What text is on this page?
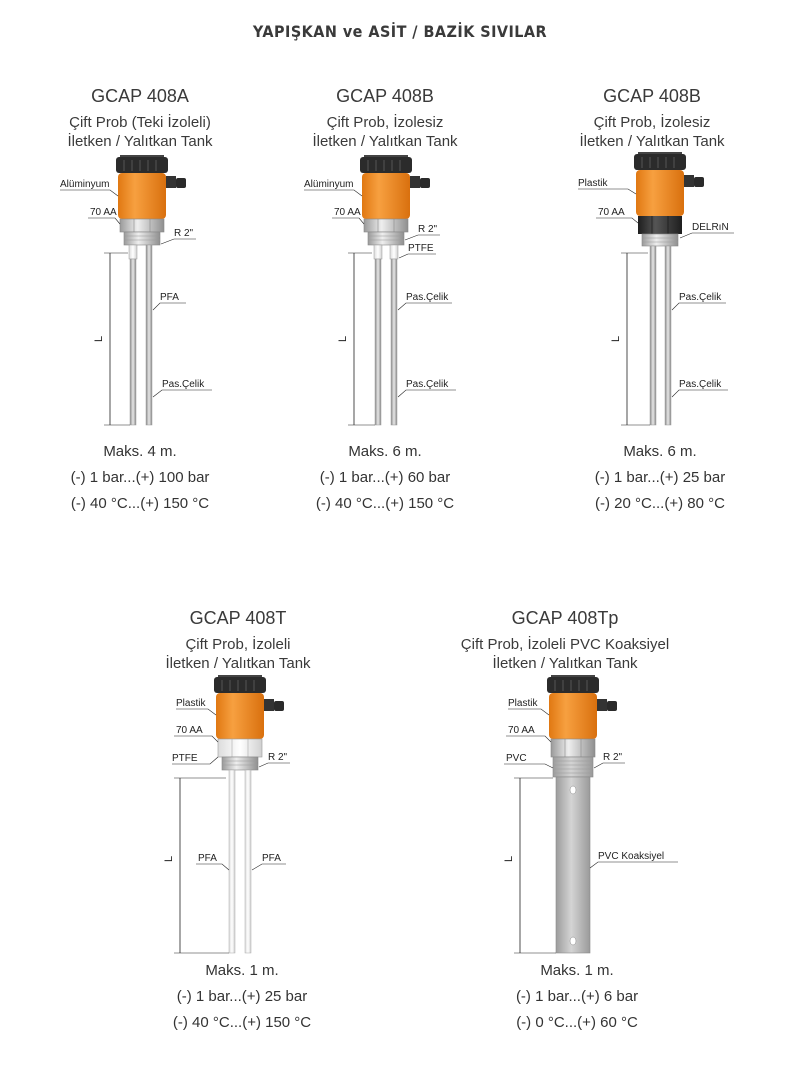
YAPIŞKAN ve ASİT / BAZİK SIVILAR
GCAP 408A
Çift Prob (Teki İzoleli)
İletken / Yalıtkan Tank
GCAP 408B
Çift Prob, İzolesiz
İletken / Yalıtkan Tank
GCAP 408B
Çift Prob, İzolesiz
İletken / Yalıtkan Tank
GCAP 408T
Çift Prob, İzoleli
İletken / Yalıtkan Tank
GCAP 408Tp
Çift Prob, İzoleli PVC Koaksiyel
İletken / Yalıtkan Tank
L
Alüminyum
70 AA
R 2"
PFA
Pas.Çelik
L
Alüminyum
70 AA
R 2"
PTFE
Pas.Çelik
Pas.Çelik
L
Plastik
70 AA
DELRıN
Pas.Çelik
Pas.Çelik
L
Plastik
70 AA
PTFE	R 2"
PFA	PFA	L
Plastik
70 AA
PVC	R 2"
PVC Koaksiyel
Maks. 4 m.
(-) 1 bar...(+) 100 bar
(-) 40 °C...(+) 150 °C
Maks. 6 m.
(-) 1 bar...(+) 60 bar
(-) 40 °C...(+) 150 °C
Maks. 6 m.
(-) 1 bar...(+) 25 bar
(-) 20 °C...(+) 80 °C
Maks. 1 m.
(-) 1 bar...(+) 25 bar
(-) 40 °C...(+) 150 °C
Maks. 1 m.
(-) 1 bar...(+) 6 bar
(-) 0 °C...(+) 60 °C
